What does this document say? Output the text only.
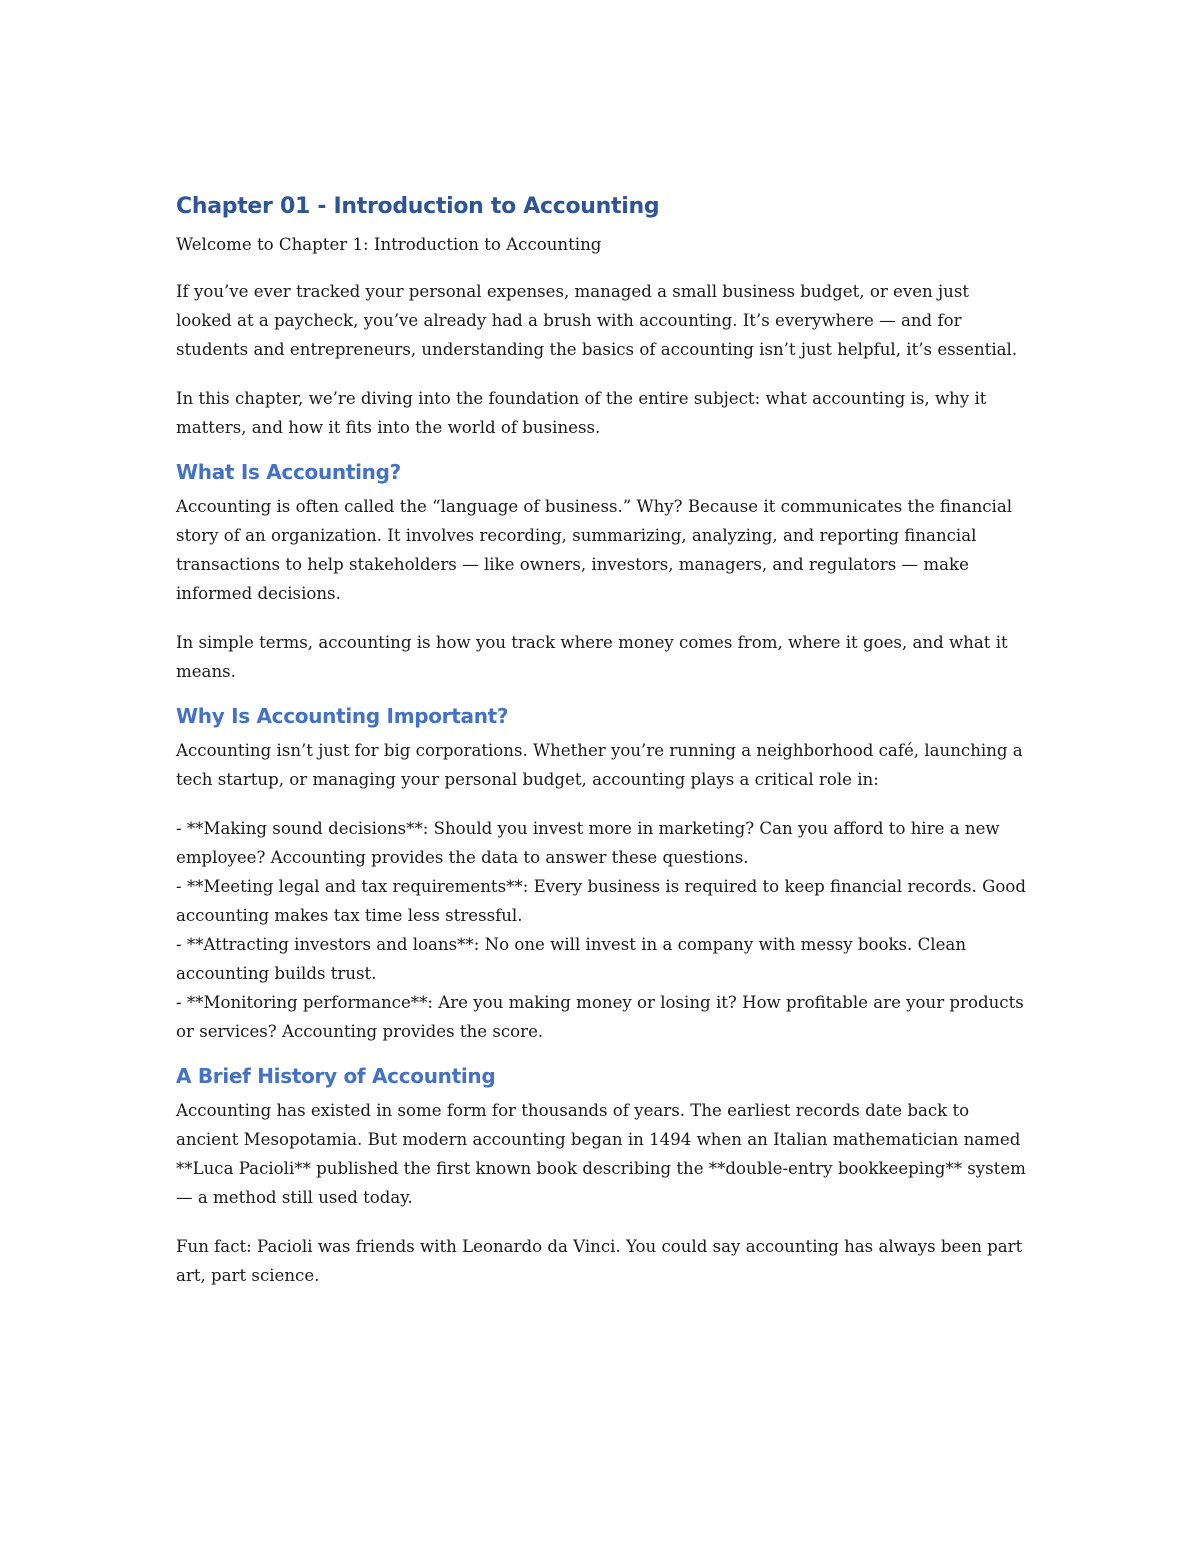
Chapter 01 - Introduction to Accounting

Welcome to Chapter 1: Introduction to Accounting

If you’ve ever tracked your personal expenses, managed a small business budget, or even just looked at a paycheck, you’ve already had a brush with accounting. It’s everywhere — and for students and entrepreneurs, understanding the basics of accounting isn’t just helpful, it’s essential.

In this chapter, we’re diving into the foundation of the entire subject: what accounting is, why it matters, and how it fits into the world of business.

What Is Accounting?

Accounting is often called the “language of business.” Why? Because it communicates the financial story of an organization. It involves recording, summarizing, analyzing, and reporting financial transactions to help stakeholders — like owners, investors, managers, and regulators — make informed decisions.

In simple terms, accounting is how you track where money comes from, where it goes, and what it means.

Why Is Accounting Important?

Accounting isn’t just for big corporations. Whether you’re running a neighborhood café, launching a tech startup, or managing your personal budget, accounting plays a critical role in:

- **Making sound decisions**: Should you invest more in marketing? Can you afford to hire a new employee? Accounting provides the data to answer these questions.

- **Meeting legal and tax requirements**: Every business is required to keep financial records. Good accounting makes tax time less stressful.

- **Attracting investors and loans**: No one will invest in a company with messy books. Clean accounting builds trust.

- **Monitoring performance**: Are you making money or losing it? How profitable are your products or services? Accounting provides the score.

A Brief History of Accounting

Accounting has existed in some form for thousands of years. The earliest records date back to ancient Mesopotamia. But modern accounting began in 1494 when an Italian mathematician named **Luca Pacioli** published the first known book describing the **double-entry bookkeeping** system — a method still used today.

Fun fact: Pacioli was friends with Leonardo da Vinci. You could say accounting has always been part art, part science.
